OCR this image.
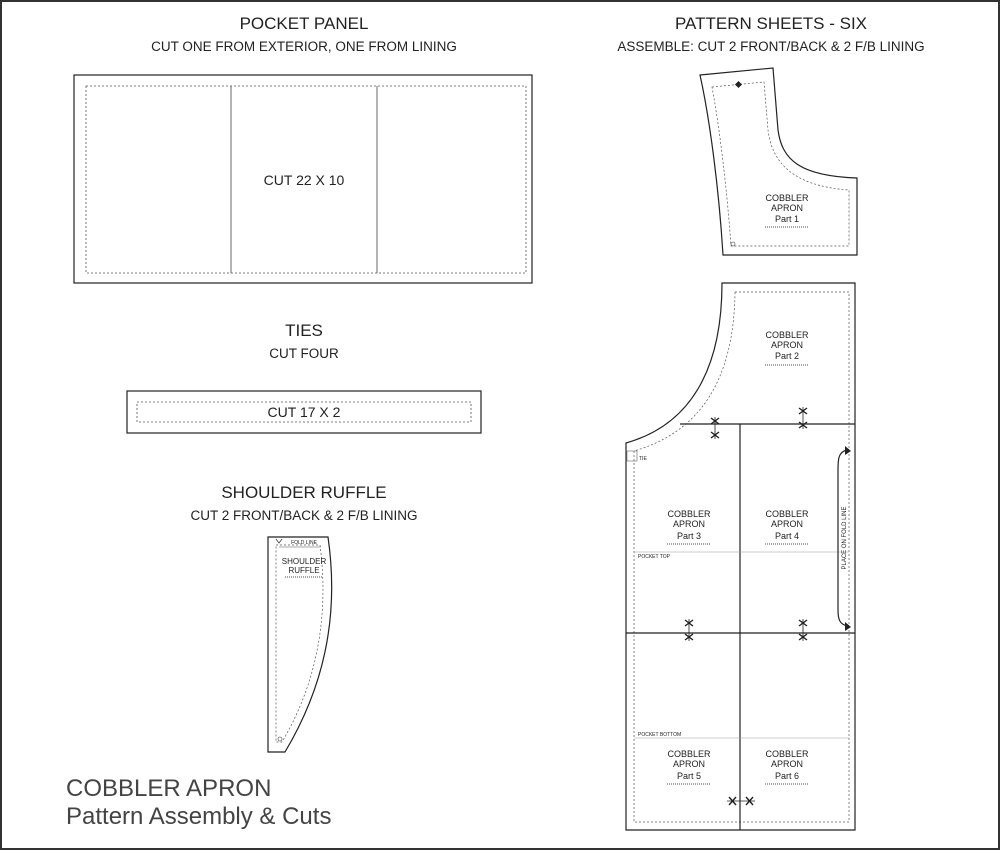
POCKET PANEL
CUT ONE FROM EXTERIOR, ONE FROM LINING
CUT 22 X 10
TIES
CUT FOUR
CUT 17 X 2
SHOULDER RUFFLE
CUT 2 FRONT/BACK & 2 F/B LINING
FOLD LINE
SHOULDER
RUFFLE
PATTERN SHEETS - SIX
ASSEMBLE: CUT 2 FRONT/BACK & 2 F/B LINING
COBBLER
APRON
Part 1
TIE
POCKET TOP
POCKET BOTTOM
PLACE ON FOLD LINE
COBBLER
APRON
Part 2
COBBLER
APRON
Part 3
COBBLER
APRON
Part 4
COBBLER
APRON
Part 5
COBBLER
APRON
Part 6
COBBLER APRON
Pattern Assembly & Cuts
